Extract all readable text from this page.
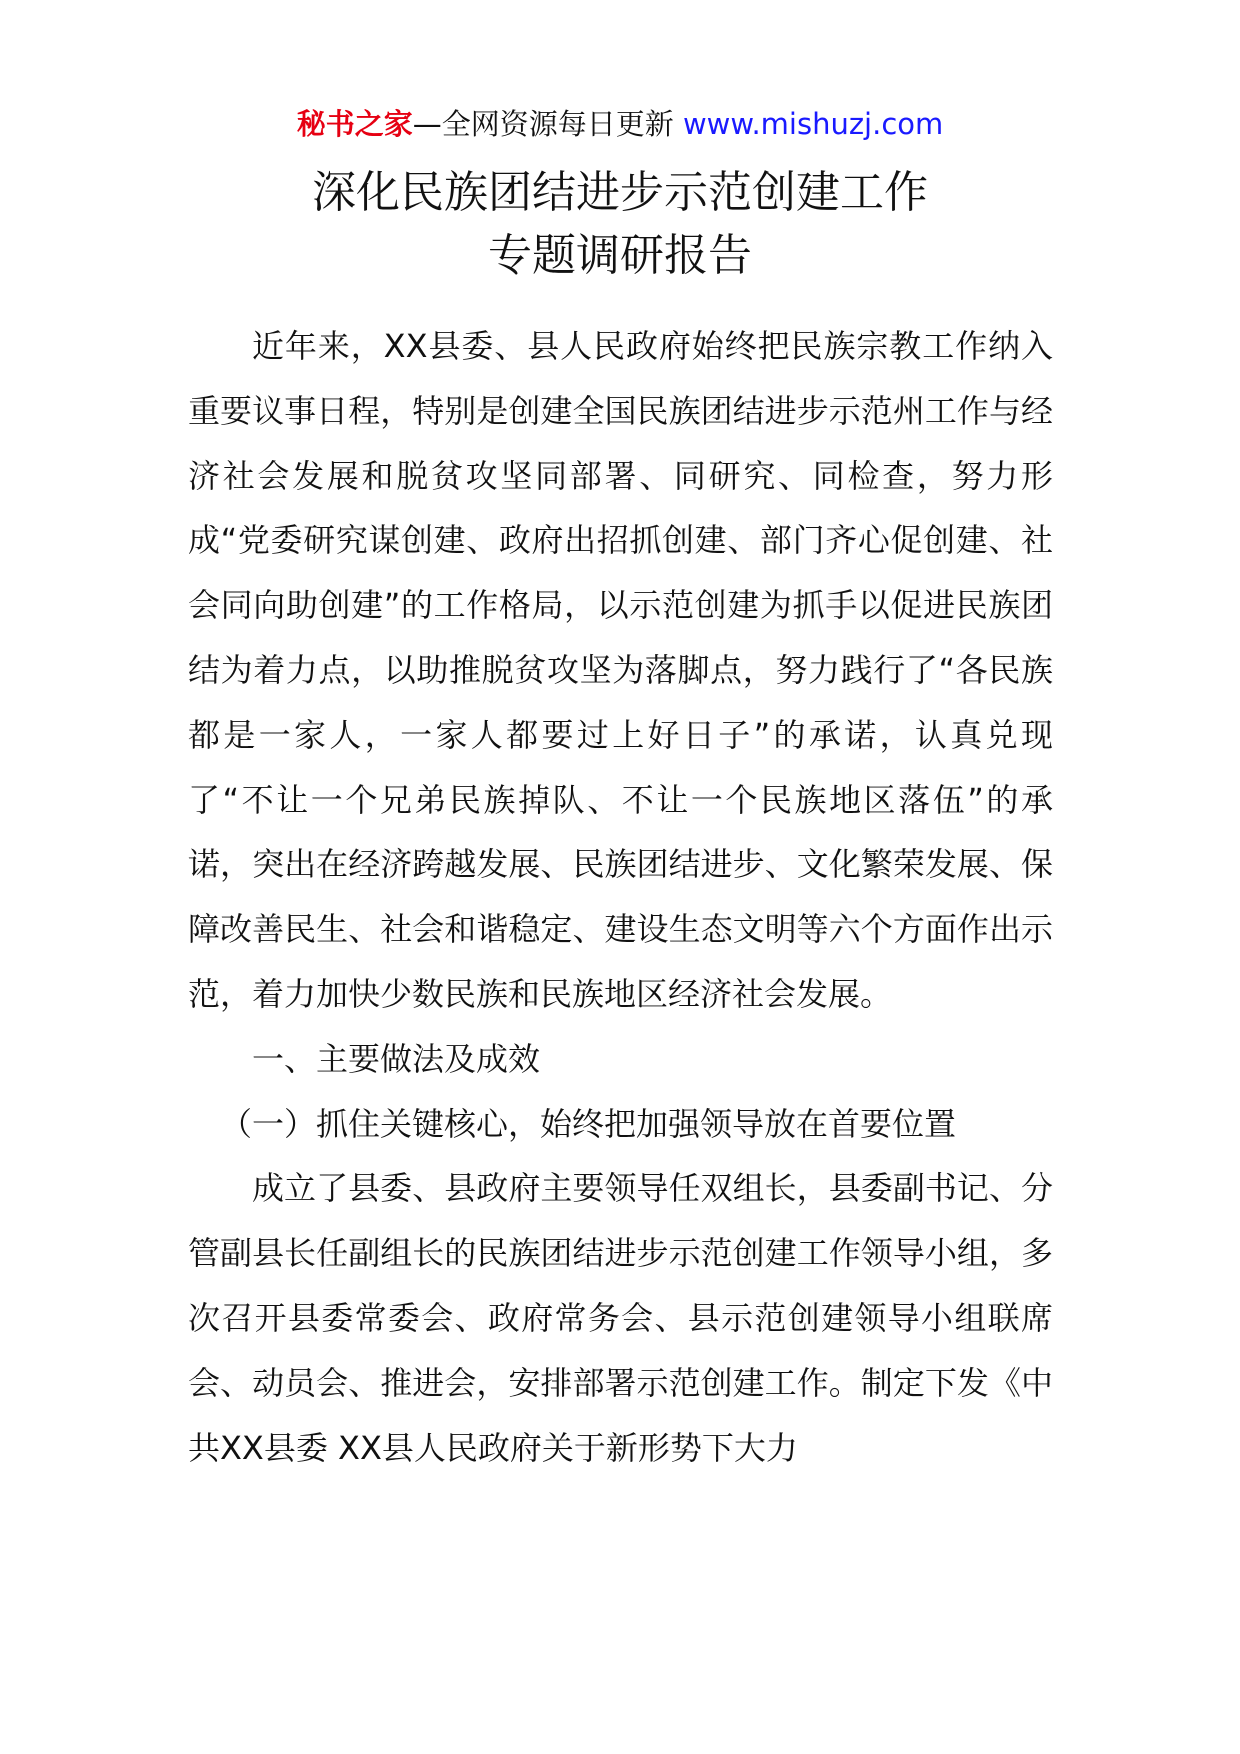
秘书之家—全网资源每日更新 www.mishuzj.com
深化民族团结进步示范创建工作
专题调研报告

近年来，XX县委、县人民政府始终把民族宗教工作纳入重要议事日程，特别是创建全国民族团结进步示范州工作与经济社会发展和脱贫攻坚同部署、同研究、同检查，努力形成“党委研究谋创建、政府出招抓创建、部门齐心促创建、社会同向助创建”的工作格局，以示范创建为抓手以促进民族团结为着力点，以助推脱贫攻坚为落脚点，努力践行了“各民族都是一家人，一家人都要过上好日子”的承诺，认真兑现了“不让一个兄弟民族掉队、不让一个民族地区落伍”的承诺，突出在经济跨越发展、民族团结进步、文化繁荣发展、保障改善民生、社会和谐稳定、建设生态文明等六个方面作出示范，着力加快少数民族和民族地区经济社会发展。

一、主要做法及成效

（一）抓住关键核心，始终把加强领导放在首要位置

成立了县委、县政府主要领导任双组长，县委副书记、分管副县长任副组长的民族团结进步示范创建工作领导小组，多次召开县委常委会、政府常务会、县示范创建领导小组联席会、动员会、推进会，安排部署示范创建工作。制定下发《中共XX县委 XX县人民政府关于新形势下大力
